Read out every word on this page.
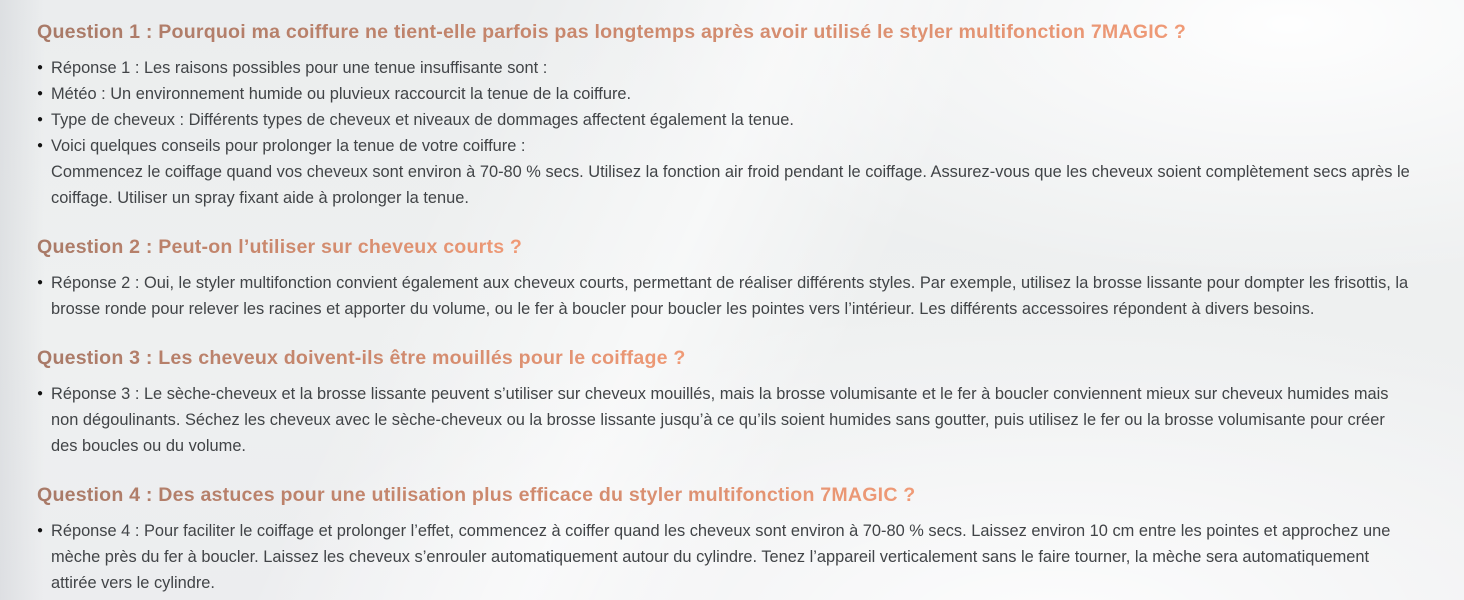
Question 1 : Pourquoi ma coiffure ne tient-elle parfois pas longtemps après avoir utilisé le styler multifonction 7MAGIC ?
● Réponse 1 : Les raisons possibles pour une tenue insuffisante sont :
● Météo : Un environnement humide ou pluvieux raccourcit la tenue de la coiffure.
● Type de cheveux : Différents types de cheveux et niveaux de dommages affectent également la tenue.
● Voici quelques conseils pour prolonger la tenue de votre coiffure :
Commencez le coiffage quand vos cheveux sont environ à 70-80 % secs. Utilisez la fonction air froid pendant le coiffage. Assurez-vous que les cheveux soient complètement secs après le coiffage. Utiliser un spray fixant aide à prolonger la tenue.
Question 2 : Peut-on l’utiliser sur cheveux courts ?
● Réponse 2 : Oui, le styler multifonction convient également aux cheveux courts, permettant de réaliser différents styles. Par exemple, utilisez la brosse lissante pour dompter les frisottis, la brosse ronde pour relever les racines et apporter du volume, ou le fer à boucler pour boucler les pointes vers l’intérieur. Les différents accessoires répondent à divers besoins.
Question 3 : Les cheveux doivent-ils être mouillés pour le coiffage ?
● Réponse 3 : Le sèche-cheveux et la brosse lissante peuvent s’utiliser sur cheveux mouillés, mais la brosse volumisante et le fer à boucler conviennent mieux sur cheveux humides mais non dégoulinants. Séchez les cheveux avec le sèche-cheveux ou la brosse lissante jusqu’à ce qu’ils soient humides sans goutter, puis utilisez le fer ou la brosse volumisante pour créer des boucles ou du volume.
Question 4 : Des astuces pour une utilisation plus efficace du styler multifonction 7MAGIC ?
● Réponse 4 : Pour faciliter le coiffage et prolonger l’effet, commencez à coiffer quand les cheveux sont environ à 70-80 % secs. Laissez environ 10 cm entre les pointes et approchez une mèche près du fer à boucler. Laissez les cheveux s’enrouler automatiquement autour du cylindre. Tenez l’appareil verticalement sans le faire tourner, la mèche sera automatiquement attirée vers le cylindre.
